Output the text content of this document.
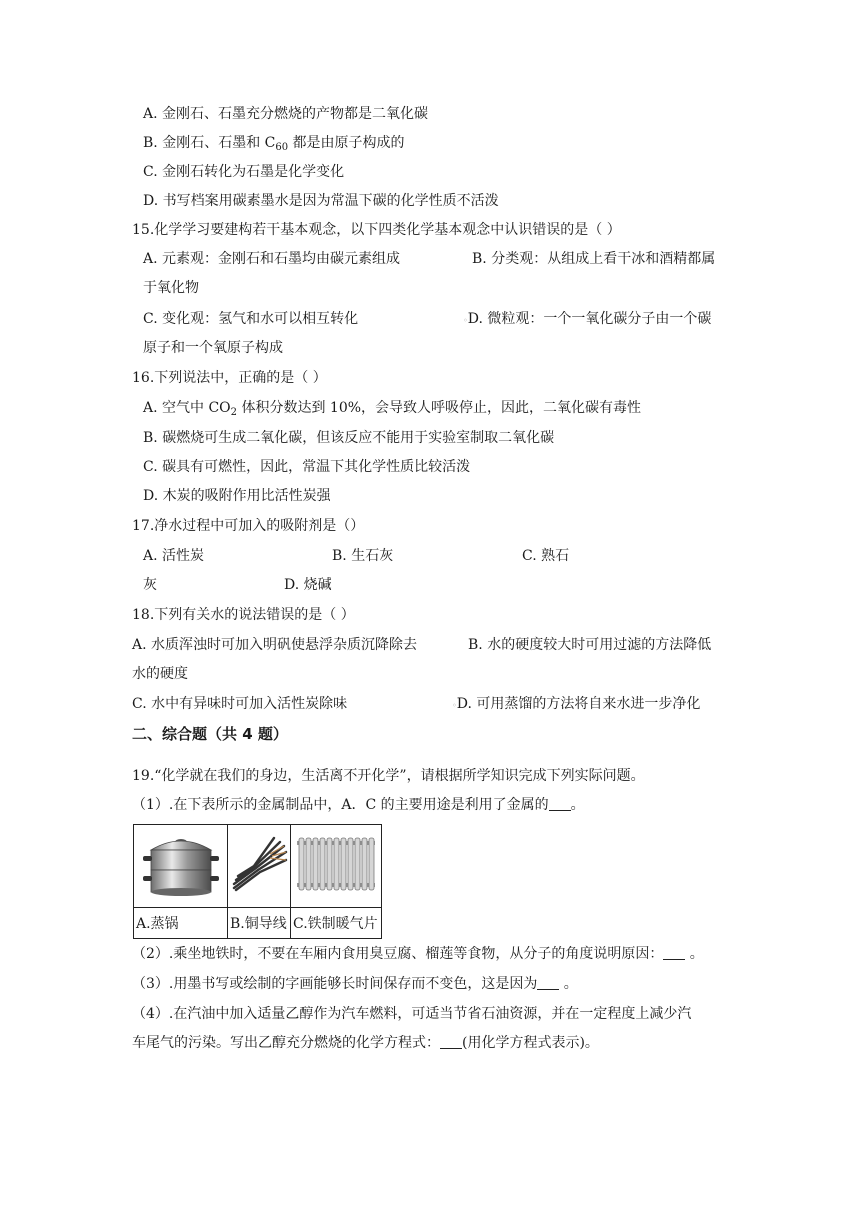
A. 金刚石、石墨充分燃烧的产物都是二氧化碳
B. 金刚石、石墨和 $C_{60}$ 都是由原子构成的
C. 金刚石转化为石墨是化学变化
D. 书写档案用碳素墨水是因为常温下碳的化学性质不活泼
15.化学学习要建构若干基本观念，以下四类化学基本观念中认识错误的是（ ）
A. 元素观：金刚石和石墨均由碳元素组成	B. 分类观：从组成上看干冰和酒精都属
于氧化物
C. 变化观：氢气和水可以相互转化	◦D. 微粒观：一个一氧化碳分子由一个碳
原子和一个氧原子构成
16.下列说法中，正确的是（ ）
A. 空气中 $CO_2$ 体积分数达到 10%，会导致人呼吸停止，因此，二氧化碳有毒性
B. 碳燃烧可生成二氧化碳，但该反应不能用于实验室制取二氧化碳
C. 碳具有可燃性，因此，常温下其化学性质比较活泼
D. 木炭的吸附作用比活性炭强
17.净水过程中可加入的吸附剂是（）
A. 活性炭	B. 生石灰	C. 熟石
灰	D. 烧碱
18.下列有关水的说法错误的是（ ）
A. 水质浑浊时可加入明矾使悬浮杂质沉降除去	B. 水的硬度较大时可用过滤的方法降低
水的硬度
C. 水中有异味时可加入活性炭除味	◦D. 可用蒸馏的方法将自来水进一步净化
二、综合题（共 4 题）
19.“化学就在我们的身边，生活离不开化学”，请根据所学知识完成下列实际问题。
（1）.在下表所示的金属制品中，A．C 的主要用途是利用了金属的 。

A.蒸锅	B.铜导线	C.铁制暖气片
（2）.乘坐地铁时，不要在车厢内食用臭豆腐、榴莲等食物，从分子的角度说明原因： 。
（3）.用墨书写或绘制的字画能够长时间保存而不变色，这是因为 。
（4）.在汽油中加入适量乙醇作为汽车燃料，可适当节省石油资源，并在一定程度上减少汽
车尾气的污染。写出乙醇充分燃烧的化学方程式： (用化学方程式表示)。
